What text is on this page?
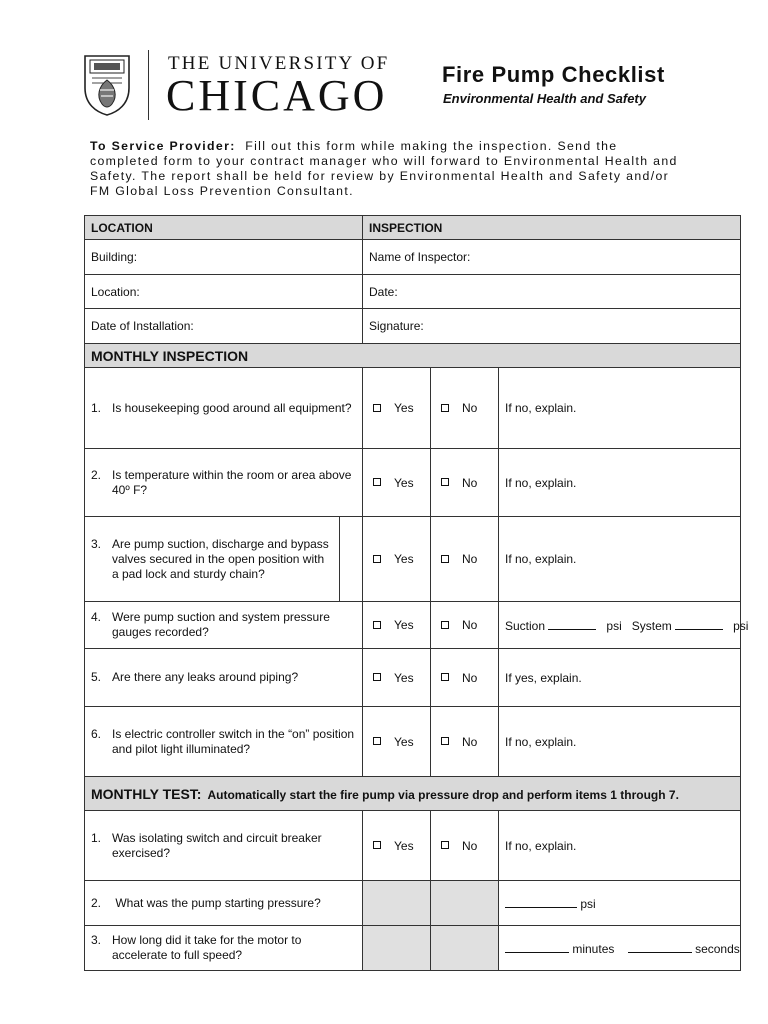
THE UNIVERSITY OF
CHICAGO Fire Pump Checklist
Environmental Health and Safety
To Service Provider: Fill out this form while making the inspection. Send the
completed form to your contract manager who will forward to Environmental Health and
Safety. The report shall be held for review by Environmental Health and Safety and/or
FM Global Loss Prevention Consultant.
LOCATION		INSPECTION		
Building:		Name of Inspector:		
Location:		Date:		
Date of Installation:		Signature:		
MONTHLY INSPECTION				

1. Is housekeeping good around all equipment?		Yes	No	If no, explain.

2. Is temperature within the room or area above 40º F?		Yes	No	If no, explain.

3. Are pump suction, discharge and bypass valves secured in the open position with a pad lock and sturdy chain?		Yes	No	If no, explain.

4. Were pump suction and system pressure gauges recorded?		Yes	No	Suction psi System psi

5. Are there any leaks around piping?		Yes	No	If yes, explain.

6. Is electric controller switch in the “on” position and pilot light illuminated?		Yes	No	If no, explain.
MONTHLY TEST: Automatically start the fire pump via pressure drop and perform items 1 through 7.				

1. Was isolating switch and circuit breaker exercised?		Yes	No	If no, explain.

2. What was the pump starting pressure?				psi

3. How long did it take for the motor to accelerate to full speed?				minutes seconds
